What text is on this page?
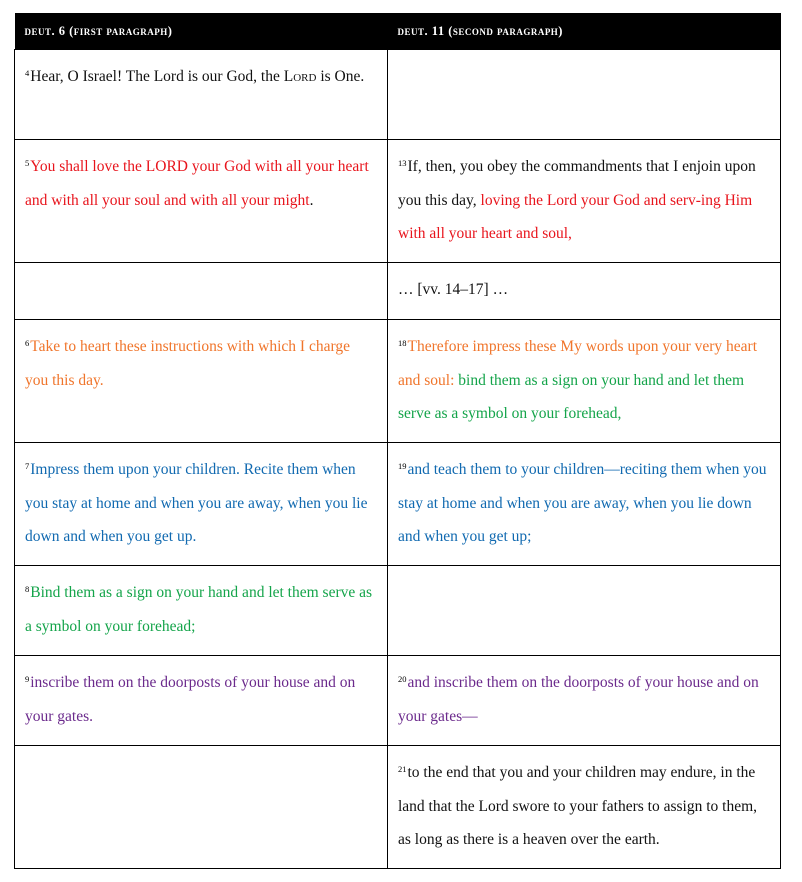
deut. 6 (first paragraph)	deut. 11 (second paragraph)
$^4$Hear, O Israel! The Lord is our God, the Lord is One.	
$^5$You shall love the LORD your God with all your heart and with all your soul and with all your might.	$^{13}$If, then, you obey the commandments that I enjoin upon you this day, loving the Lord your God and serv-ing Him with all your heart and soul,
	… [vv. 14–17] …
$^6$Take to heart these instructions with which I charge you this day.	$^{18}$Therefore impress these My words upon your very heart and soul: bind them as a sign on your hand and let them serve as a symbol on your forehead,
$^7$Impress them upon your children. Recite them when you stay at home and when you are away, when you lie down and when you get up.	$^{19}$and teach them to your children—reciting them when you stay at home and when you are away, when you lie down and when you get up;
$^8$Bind them as a sign on your hand and let them serve as a symbol on your forehead;	
$^9$inscribe them on the doorposts of your house and on your gates.	$^{20}$and inscribe them on the doorposts of your house and on your gates—
	$^{21}$to the end that you and your children may endure, in the land that the Lord swore to your fathers to assign to them, as long as there is a heaven over the earth.
